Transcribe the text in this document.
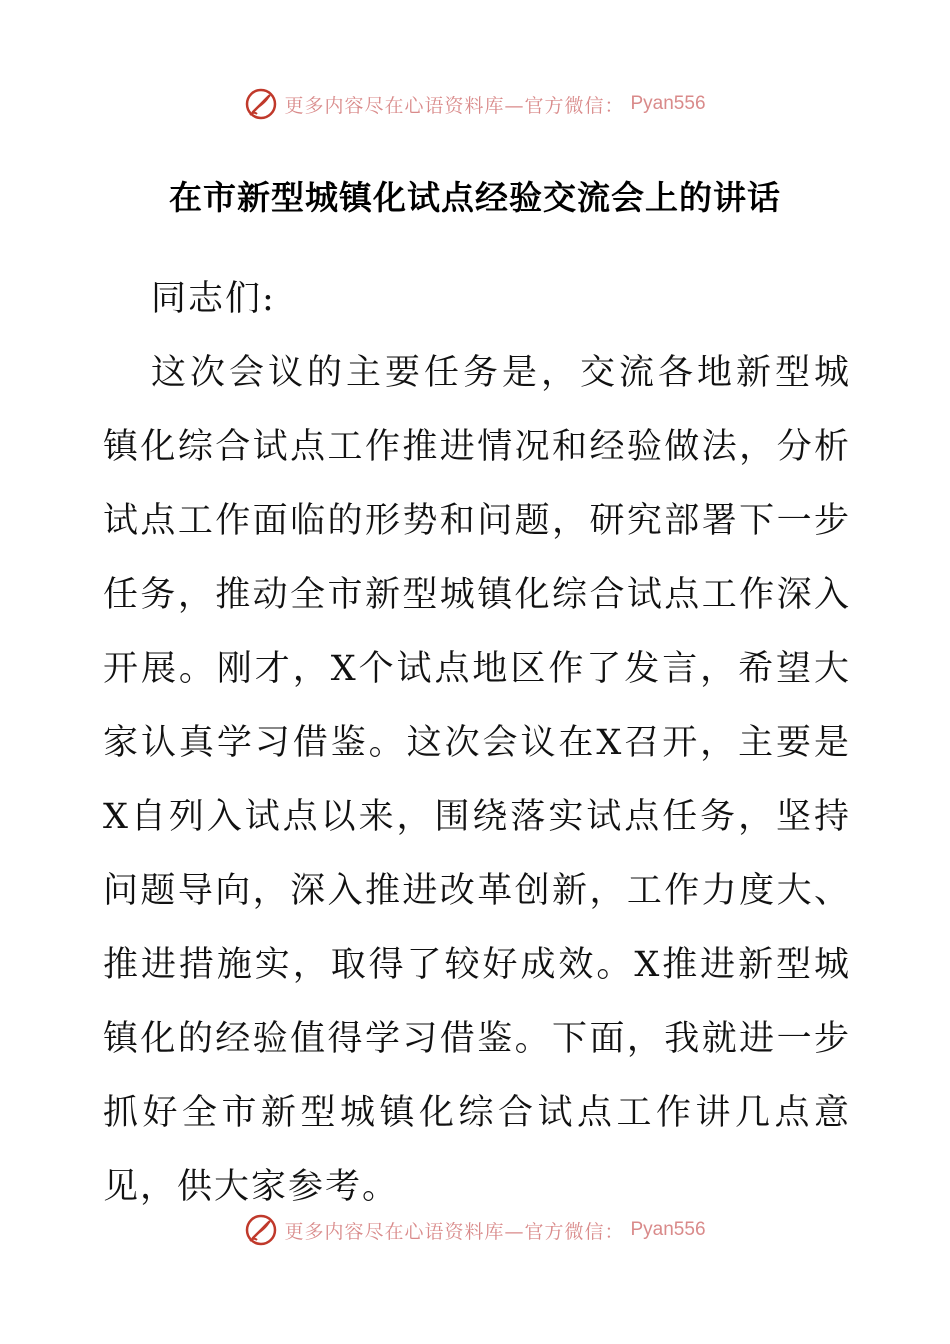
更多内容尽在心语资料库—官方微信： Pyan556
在市新型城镇化试点经验交流会上的讲话
同志们:
这次会议的主要任务是，交流各地新型城镇化综合试点工作推进情况和经验做法，分析试点工作面临的形势和问题，研究部署下一步任务，推动全市新型城镇化综合试点工作深入开展。刚才，X个试点地区作了发言，希望大家认真学习借鉴。这次会议在X召开，主要是X自列入试点以来，围绕落实试点任务，坚持问题导向，深入推进改革创新，工作力度大、推进措施实，取得了较好成效。X推进新型城镇化的经验值得学习借鉴。下面，我就进一步抓好全市新型城镇化综合试点工作讲几点意见，供大家参考。
更多内容尽在心语资料库—官方微信： Pyan556
